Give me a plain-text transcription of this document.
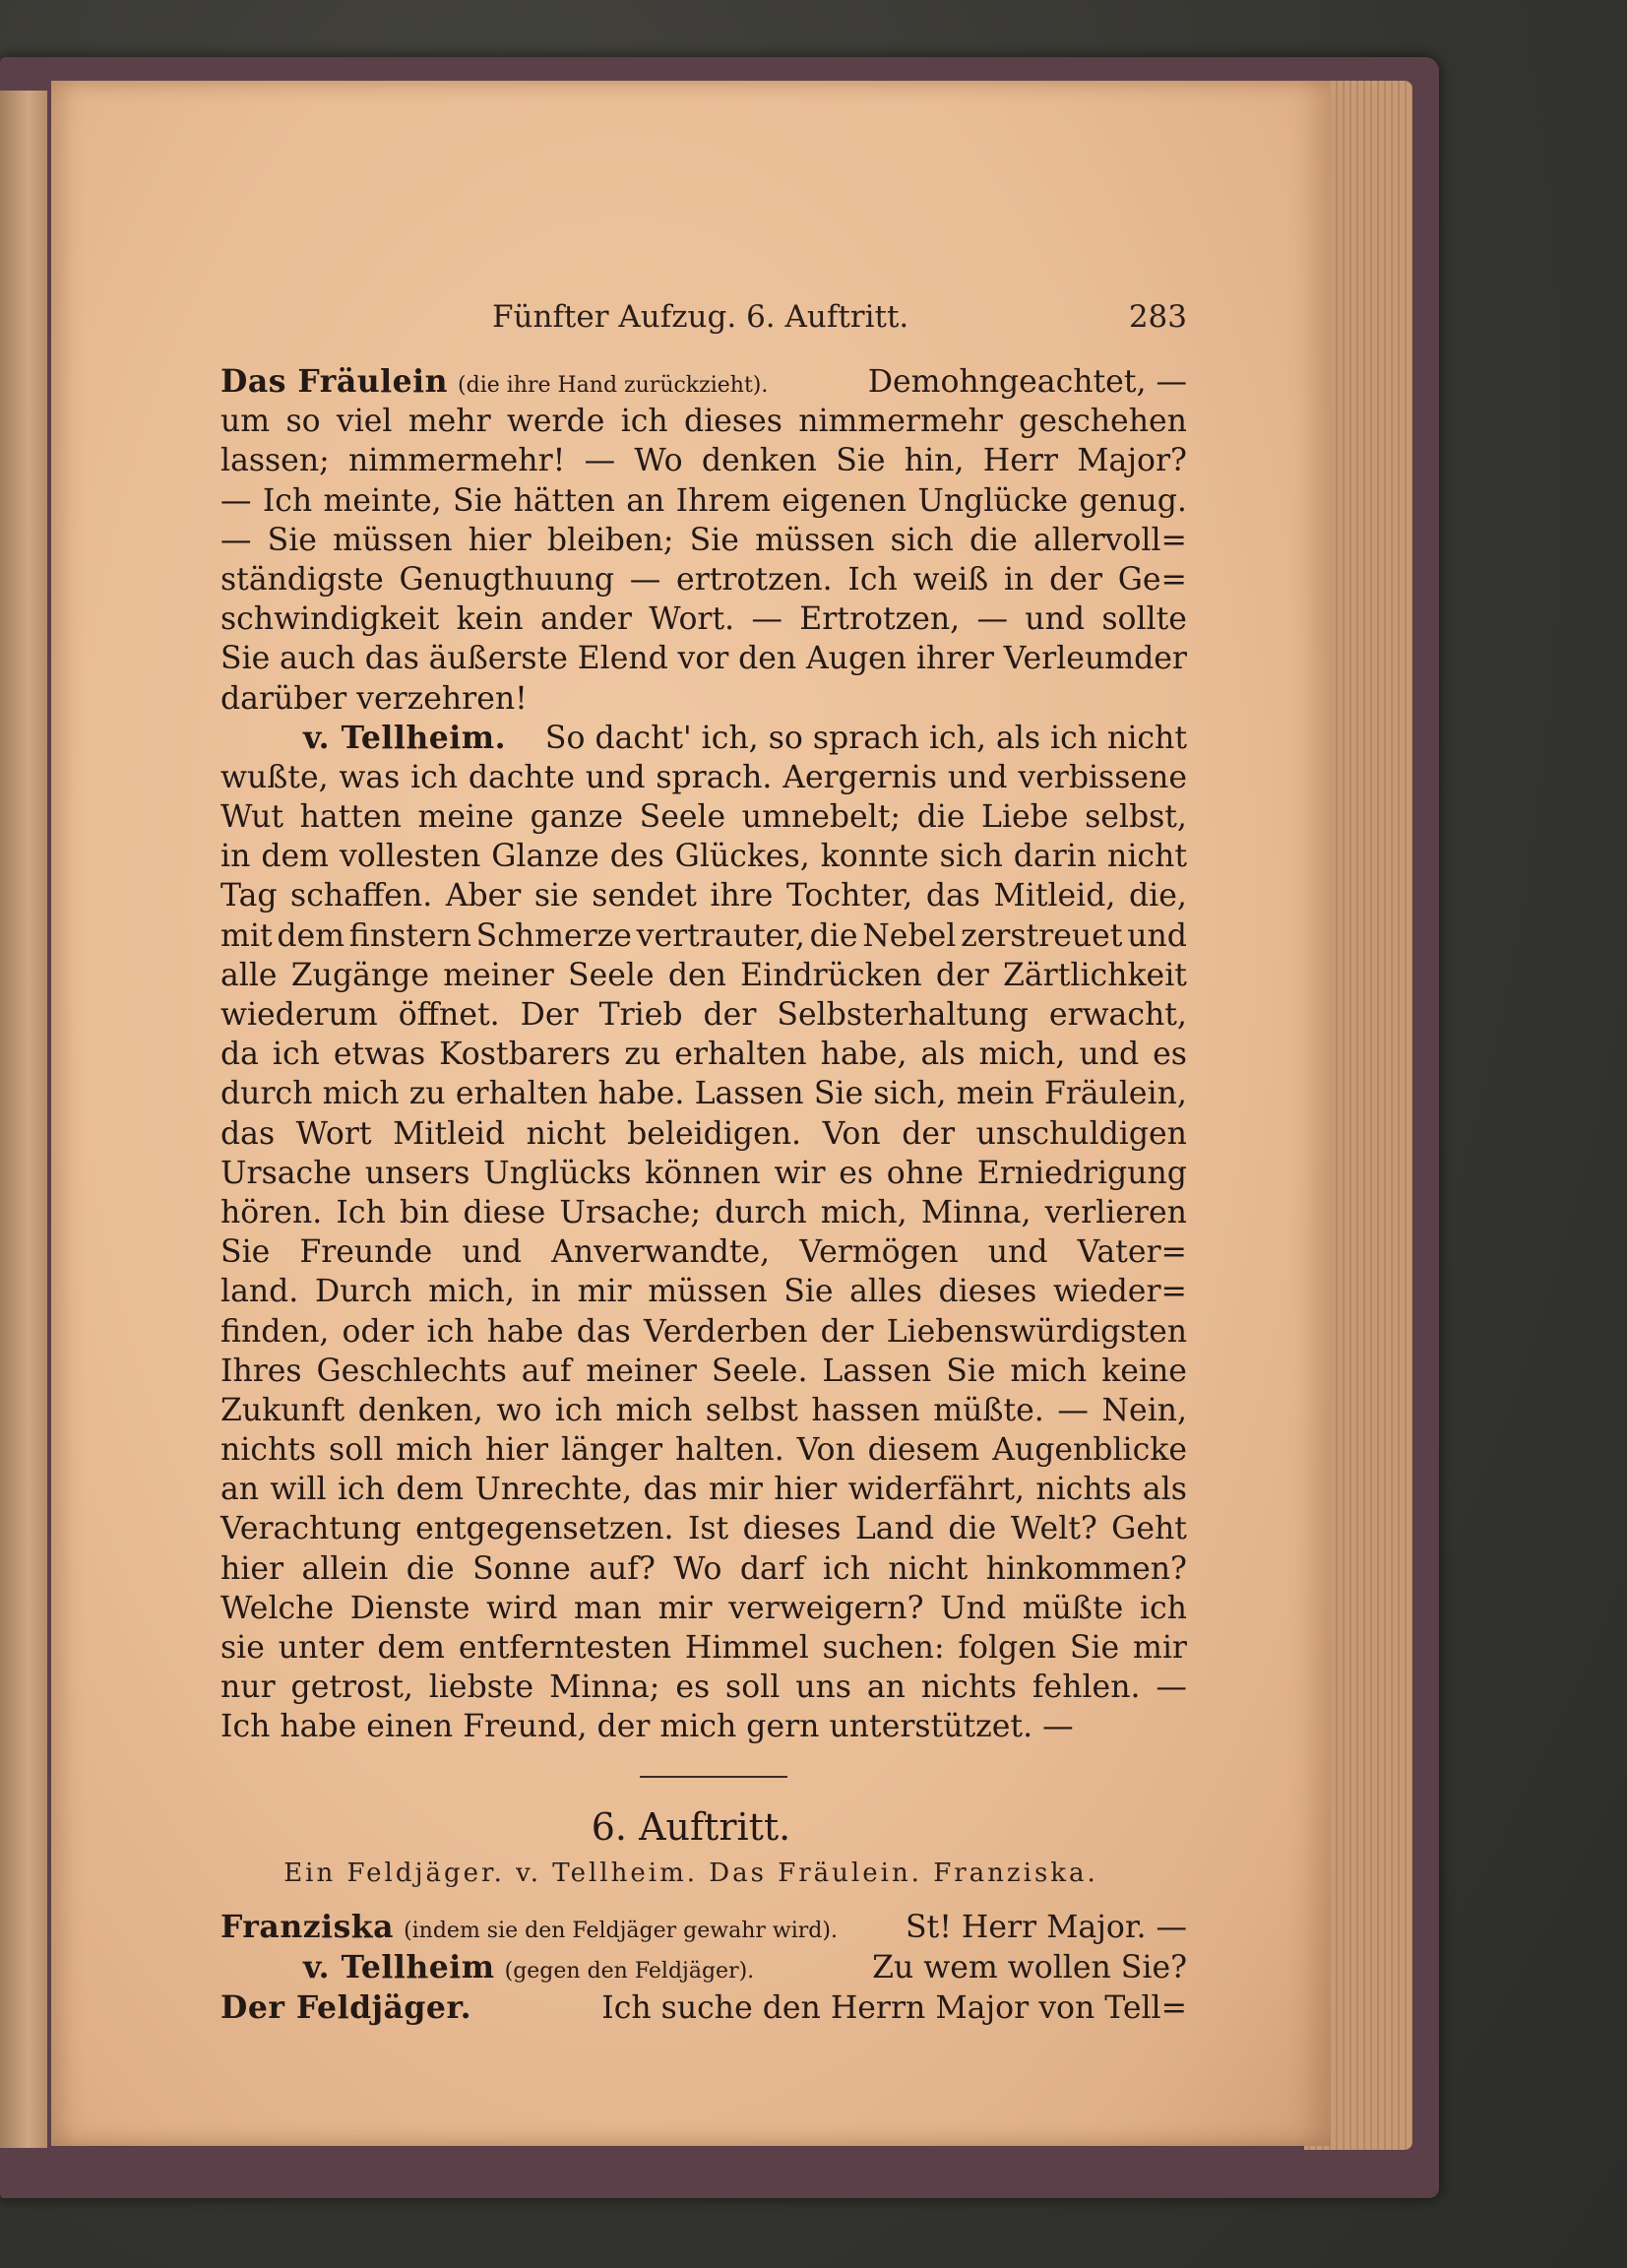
Fünfter Aufzug. 6. Auftritt.	283
Das Fräulein (die ihre Hand zurückzieht).	Demohngeachtet, —
um so viel mehr werde ich dieses nimmermehr geschehen
lassen; nimmermehr! — Wo denken Sie hin, Herr Major?
— Ich meinte, Sie hätten an Ihrem eigenen Unglücke genug.
— Sie müssen hier bleiben; Sie müssen sich die allervoll=
ständigste Genugthuung — ertrotzen. Ich weiß in der Ge=
schwindigkeit kein ander Wort. — Ertrotzen, — und sollte
Sie auch das äußerste Elend vor den Augen ihrer Verleumder
darüber verzehren!
v. Tellheim. So dacht' ich, so sprach ich, als ich nicht
wußte, was ich dachte und sprach. Aergernis und verbissene
Wut hatten meine ganze Seele umnebelt; die Liebe selbst,
in dem vollesten Glanze des Glückes, konnte sich darin nicht
Tag schaffen. Aber sie sendet ihre Tochter, das Mitleid, die,
mit dem finstern Schmerze vertrauter, die Nebel zerstreuet und
alle Zugänge meiner Seele den Eindrücken der Zärtlichkeit
wiederum öffnet. Der Trieb der Selbsterhaltung erwacht,
da ich etwas Kostbarers zu erhalten habe, als mich, und es
durch mich zu erhalten habe. Lassen Sie sich, mein Fräulein,
das Wort Mitleid nicht beleidigen. Von der unschuldigen
Ursache unsers Unglücks können wir es ohne Erniedrigung
hören. Ich bin diese Ursache; durch mich, Minna, verlieren
Sie Freunde und Anverwandte, Vermögen und Vater=
land. Durch mich, in mir müssen Sie alles dieses wieder=
finden, oder ich habe das Verderben der Liebenswürdigsten
Ihres Geschlechts auf meiner Seele. Lassen Sie mich keine
Zukunft denken, wo ich mich selbst hassen müßte. — Nein,
nichts soll mich hier länger halten. Von diesem Augenblicke
an will ich dem Unrechte, das mir hier widerfährt, nichts als
Verachtung entgegensetzen. Ist dieses Land die Welt? Geht
hier allein die Sonne auf? Wo darf ich nicht hinkommen?
Welche Dienste wird man mir verweigern? Und müßte ich
sie unter dem entferntesten Himmel suchen: folgen Sie mir
nur getrost, liebste Minna; es soll uns an nichts fehlen. —
Ich habe einen Freund, der mich gern unterstützet. —
6. Auftritt.
Ein Feldjäger. v. Tellheim. Das Fräulein. Franziska.
Franziska (indem sie den Feldjäger gewahr wird). St! Herr Major. —
v. Tellheim (gegen den Feldjäger).	Zu wem wollen Sie?
Der Feldjäger.	Ich suche den Herrn Major von Tell=
